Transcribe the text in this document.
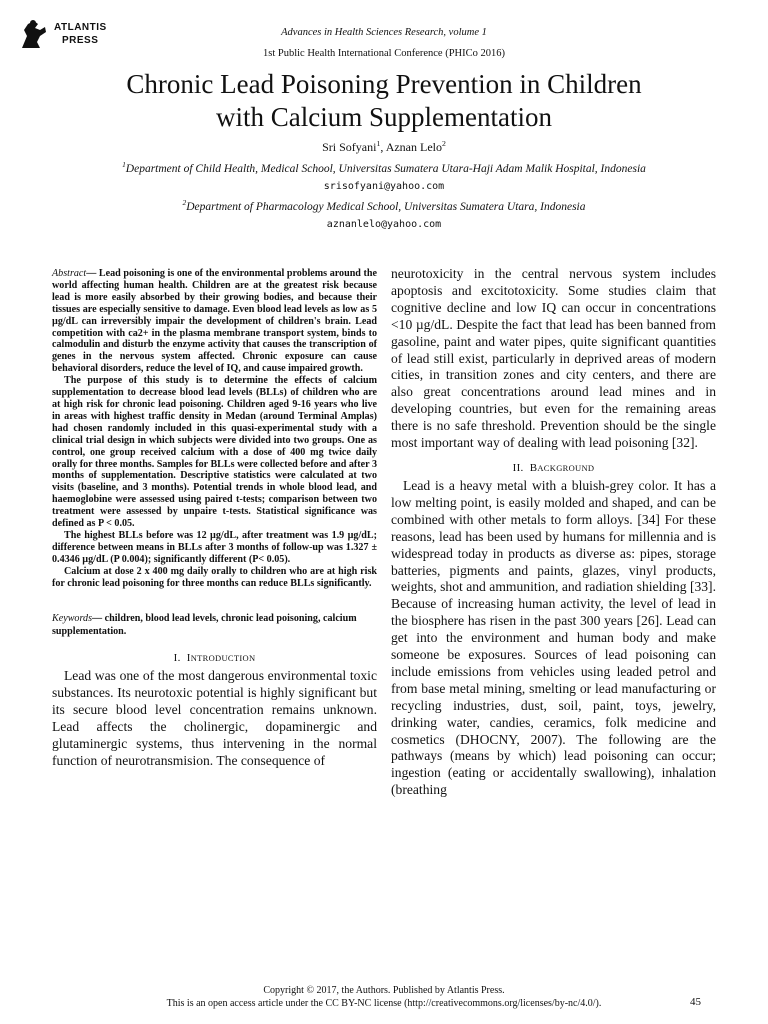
ATLANTIS
PRESS
Advances in Health Sciences Research, volume 1
1st Public Health International Conference (PHICo 2016)
Chronic Lead Poisoning Prevention in Children
with Calcium Supplementation
Sri Sofyani$^1$, Aznan Lelo$^2$
$^1$Department of Child Health, Medical School, Universitas Sumatera Utara-Haji Adam Malik Hospital, Indonesia
srisofyani@yahoo.com
$^2$Department of Pharmacology Medical School, Universitas Sumatera Utara, Indonesia
aznanlelo@yahoo.com

Abstract— Lead poisoning is one of the environmental problems around the world affecting human health. Children are at the greatest risk because lead is more easily absorbed by their growing bodies, and because their tissues are especially sensitive to damage. Even blood lead levels as low as 5 µg/dL can irreversibly impair the development of children's brain. Lead competition with ca2+ in the plasma membrane transport system, binds to calmodulin and disturb the enzyme activity that causes the transcription of genes in the nervous system affected. Chronic exposure can cause behavioral disorders, reduce the level of IQ, and cause impaired growth.

The purpose of this study is to determine the effects of calcium supplementation to decrease blood lead levels (BLLs) of children who are at high risk for chronic lead poisoning. Children aged 9-16 years who live in areas with highest traffic density in Medan (around Terminal Amplas) had chosen randomly included in this quasi-experimental study with a clinical trial design in which subjects were divided into two groups. One as control, one group received calcium with a dose of 400 mg twice daily orally for three months. Samples for BLLs were collected before and after 3 months of supplementation. Descriptive statistics were calculated at two visits (baseline, and 3 months). Potential trends in whole blood lead, and haemoglobine were assessed using paired t-tests; comparison between two treatment were assessed by unpaire t-tests. Statistical significance was defined as P < 0.05.

The highest BLLs before was 12 µg/dL, after treatment was 1.9 µg/dL; difference between means in BLLs after 3 months of follow-up was 1.327 ± 0.4346 µg/dL (P 0.004); significantly different (P< 0.05).

Calcium at dose 2 x 400 mg daily orally to children who are at high risk for chronic lead poisoning for three months can reduce BLLs significantly.

Keywords— children, blood lead levels, chronic lead poisoning, calcium supplementation.
I. INTRODUCTION

Lead was one of the most dangerous environmental toxic substances. Its neurotoxic potential is highly significant but its secure blood level concentration remains unknown. Lead affects the cholinergic, dopaminergic and glutaminergic systems, thus intervening in the normal function of neurotransmision. The consequence of

neurotoxicity in the central nervous system includes apoptosis and excitotoxicity. Some studies claim that cognitive decline and low IQ can occur in concentrations <10 µg/dL. Despite the fact that lead has been banned from gasoline, paint and water pipes, quite significant quantities of lead still exist, particularly in deprived areas of modern cities, in transition zones and city centers, and there are also great concentrations around lead mines and in developing countries, but even for the remaining areas there is no safe threshold. Prevention should be the single most important way of dealing with lead poisoning [32].

II. BACKGROUND

Lead is a heavy metal with a bluish-grey color. It has a low melting point, is easily molded and shaped, and can be combined with other metals to form alloys. [34] For these reasons, lead has been used by humans for millennia and is widespread today in products as diverse as: pipes, storage batteries, pigments and paints, glazes, vinyl products, weights, shot and ammunition, and radiation shielding [33]. Because of increasing human activity, the level of lead in the biosphere has risen in the past 300 years [26]. Lead can get into the environment and human body and make someone be exposures. Sources of lead poisoning can include emissions from vehicles using leaded petrol and from base metal mining, smelting or lead manufacturing or recycling industries, dust, soil, paint, toys, jewelry, drinking water, candies, ceramics, folk medicine and cosmetics (DHOCNY, 2007). The following are the pathways (means by which) lead poisoning can occur; ingestion (eating or accidentally swallowing), inhalation (breathing

Copyright © 2017, the Authors. Published by Atlantis Press.
This is an open access article under the CC BY-NC license (http://creativecommons.org/licenses/by-nc/4.0/).	45
